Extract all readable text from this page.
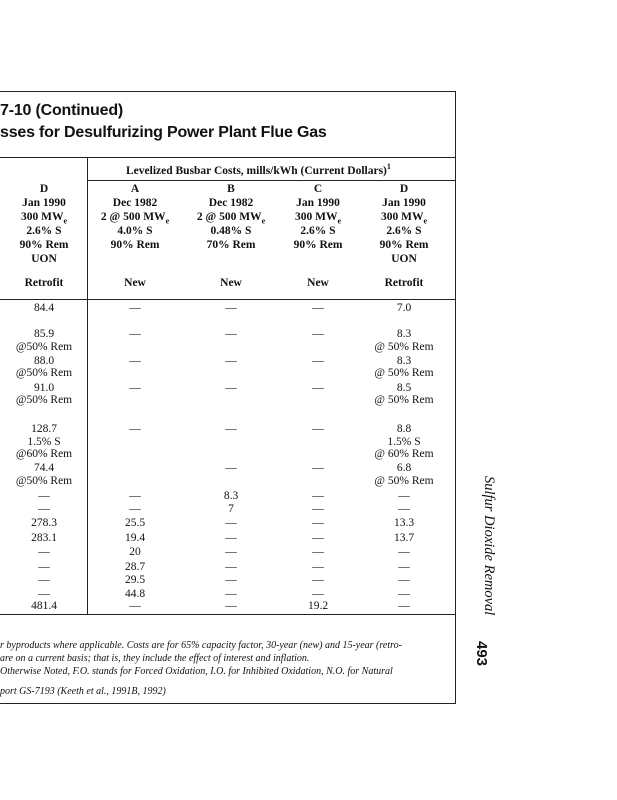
7-10 (Continued)
sses for Desulfurizing Power Plant Flue Gas
Levelized Busbar Costs, mills/kWh (Current Dollars)$^1$
D
Jan 1990
300 $MW_e$
2.6% S
90% Rem
UON
Retrofit
84.4
85.9
@50% Rem
88.0
@50% Rem
91.0
@50% Rem
128.7
1.5% S
@60% Rem
74.4
@50% Rem
—
—
278.3
283.1
—
—
—
—
481.4
A
Dec 1982
2 @ 500 $MW_e$
4.0% S
90% Rem
New
—
—
—
—
—
—
—
25.5
19.4
20
28.7
29.5
44.8
—
B
Dec 1982
2 @ 500 $MW_e$
0.48% S
70% Rem
New
—
—
—
—
—
—
8.3
7
—
—
—
—
—
—
—
C
Jan 1990
300 $MW_e$
2.6% S
90% Rem
New
—
—
—
—
—
—
—
—
—
—
—
—
—
—
19.2
D
Jan 1990
300 $MW_e$
2.6% S
90% Rem
UON
Retrofit
7.0
8.3
@ 50% Rem
8.3
@ 50% Rem
8.5
@ 50% Rem
8.8
1.5% S
@ 60% Rem
6.8
@ 50% Rem
—
—
13.3
13.7
—
—
—
—
—
r byproducts where applicable. Costs are for 65% capacity factor, 30-year (new) and 15-year (retro-
are on a current basis; that is, they include the effect of interest and inflation.
Otherwise Noted, F.O. stands for Forced Oxidation, I.O. for Inhibited Oxidation, N.O. for Natural
port GS-7193 (Keeth et al., 1991B, 1992)
Sulfur Dioxide Removal
493
